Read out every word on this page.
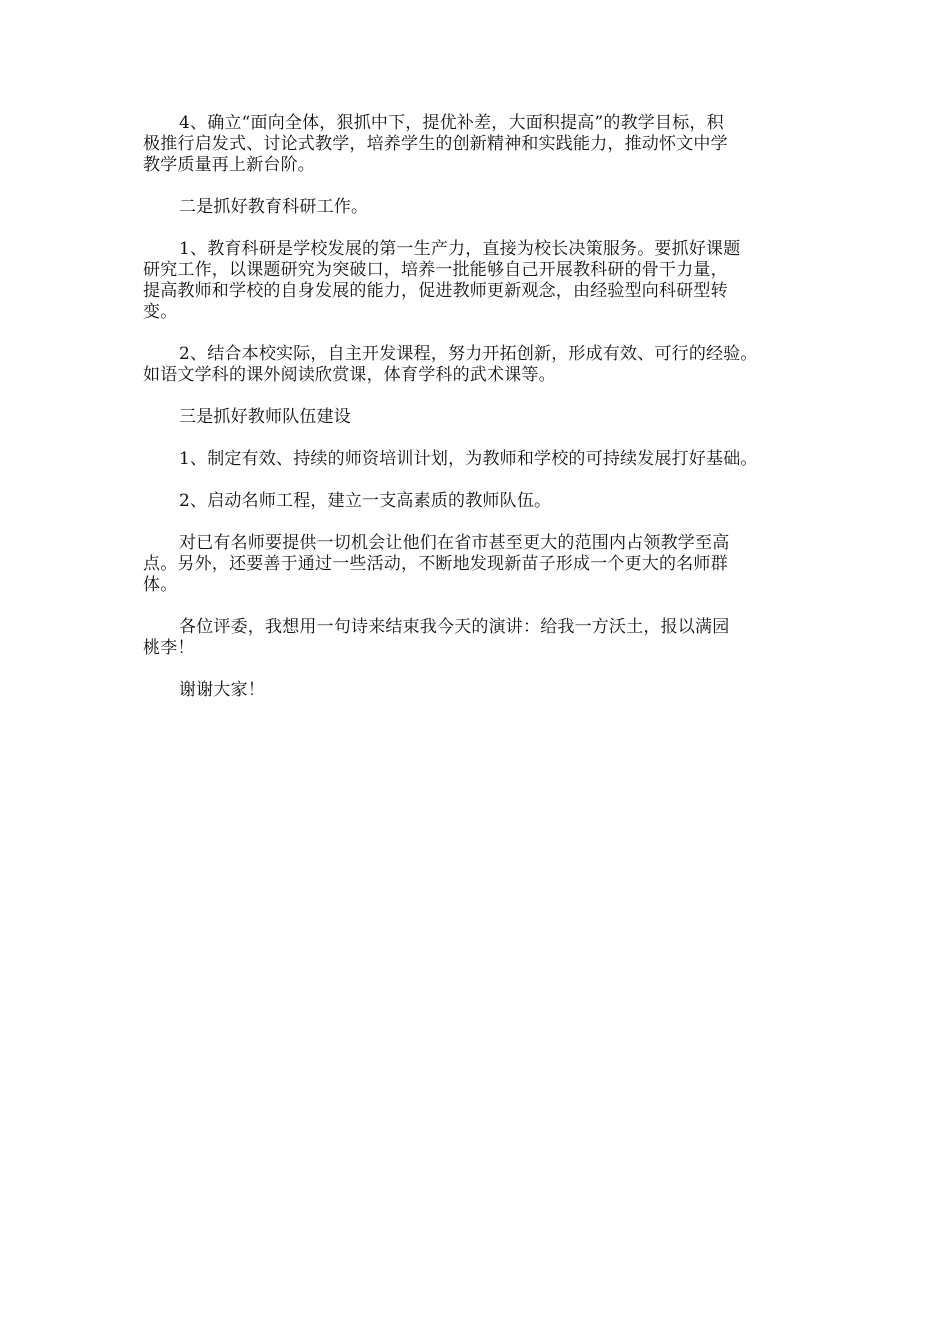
4、确立“面向全体，狠抓中下，提优补差，大面积提高”的教学目标，积
极推行启发式、讨论式教学，培养学生的创新精神和实践能力，推动怀文中学
教学质量再上新台阶。

二是抓好教育科研工作。

1、教育科研是学校发展的第一生产力，直接为校长决策服务。要抓好课题
研究工作，以课题研究为突破口，培养一批能够自己开展教科研的骨干力量，
提高教师和学校的自身发展的能力，促进教师更新观念，由经验型向科研型转
变。

2、结合本校实际，自主开发课程，努力开拓创新，形成有效、可行的经验。
如语文学科的课外阅读欣赏课，体育学科的武术课等。

三是抓好教师队伍建设

1、制定有效、持续的师资培训计划，为教师和学校的可持续发展打好基础。

2、启动名师工程，建立一支高素质的教师队伍。

对已有名师要提供一切机会让他们在省市甚至更大的范围内占领教学至高
点。另外，还要善于通过一些活动，不断地发现新苗子形成一个更大的名师群
体。

各位评委，我想用一句诗来结束我今天的演讲：给我一方沃土，报以满园
桃李！

谢谢大家！
